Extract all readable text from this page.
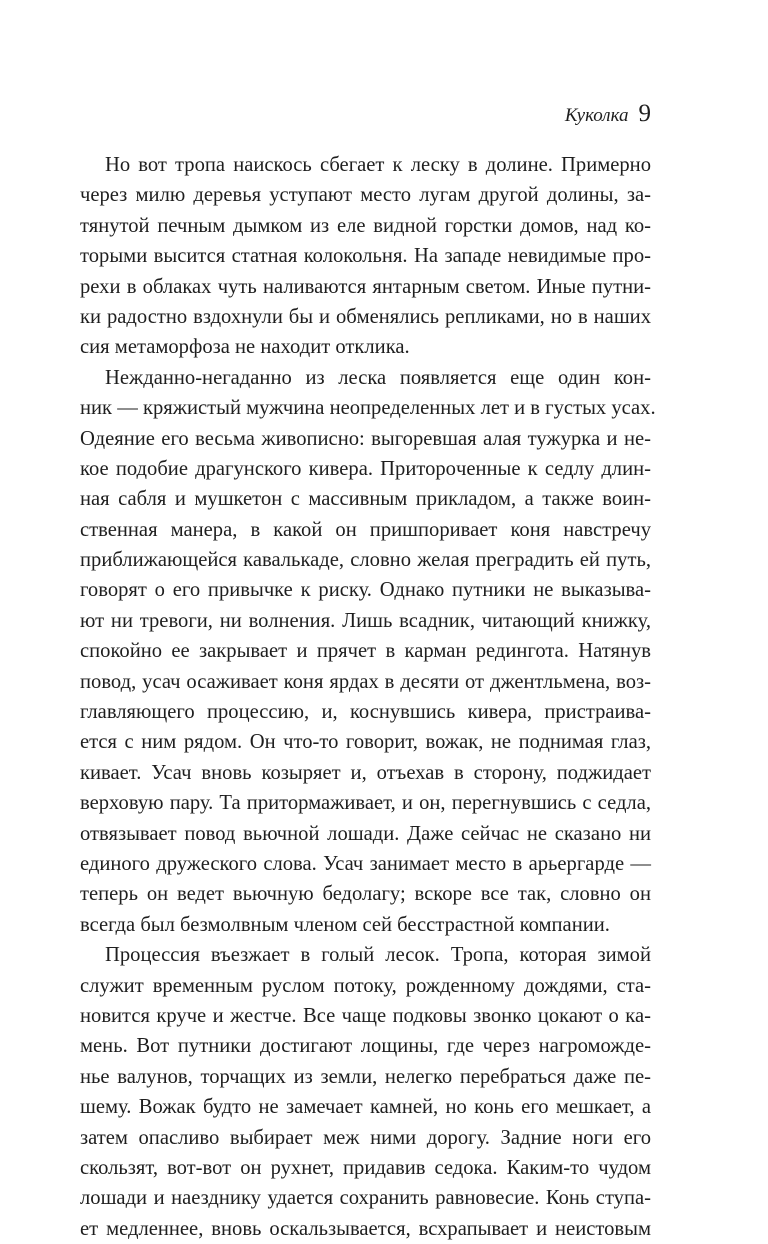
Куколка 9

Но вот тропа наискось сбегает к леску в долине. Примерно
через милю деревья уступают место лугам другой долины, за-
тянутой печным дымком из еле видной горстки домов, над ко-
торыми высится статная колокольня. На западе невидимые про-
рехи в облаках чуть наливаются янтарным светом. Иные путни-
ки радостно вздохнули бы и обменялись репликами, но в наших
сия метаморфоза не находит отклика.

Нежданно-негаданно из леска появляется еще один кон-
ник — кряжистый мужчина неопределенных лет и в густых усах.
Одеяние его весьма живописно: выгоревшая алая тужурка и не-
кое подобие драгунского кивера. Приторoченные к седлу длин-
ная сабля и мушкетон с массивным прикладом, а также воин-
ственная манера, в какой он пришпоривает коня навстречу
приближающейся кавалькаде, словно желая преградить ей путь,
говорят о его привычке к риску. Однако путники не выказыва-
ют ни тревоги, ни волнения. Лишь всадник, читающий книжку,
спокойно ее закрывает и прячет в карман редингота. Натянув
повод, усач осаживает коня ярдах в десяти от джентльмена, воз-
главляющего процессию, и, коснувшись кивера, пристраива-
ется с ним рядом. Он что-то говорит, вожак, не поднимая глаз,
кивает. Усач вновь козыряет и, отъехав в сторону, поджидает
верховую пару. Та притормаживает, и он, перегнувшись с седла,
отвязывает повод вьючной лошади. Даже сейчас не сказано ни
единого дружеского слова. Усач занимает место в арьергарде —
теперь он ведет вьючную бедолагу; вскоре все так, словно он
всегда был безмолвным членом сей бесстрастной компании.

Процессия въезжает в голый лесок. Тропа, которая зимой
служит временным руслом потоку, рожденному дождями, ста-
новится круче и жестче. Все чаще подковы звонко цокают о ка-
мень. Вот путники достигают лощины, где через нагроможде-
нье валунов, торчащих из земли, нелегко перебраться даже пе-
шему. Вожак будто не замечает камней, но конь его мешкает, а
затем опасливо выбирает меж ними дорогу. Задние ноги его
скользят, вот-вот он рухнет, придавив седока. Каким-то чудом
лошади и наезднику удается сохранить равновесие. Конь ступа-
ет медленнее, вновь оскальзывается, всхрапывает и неистовым
